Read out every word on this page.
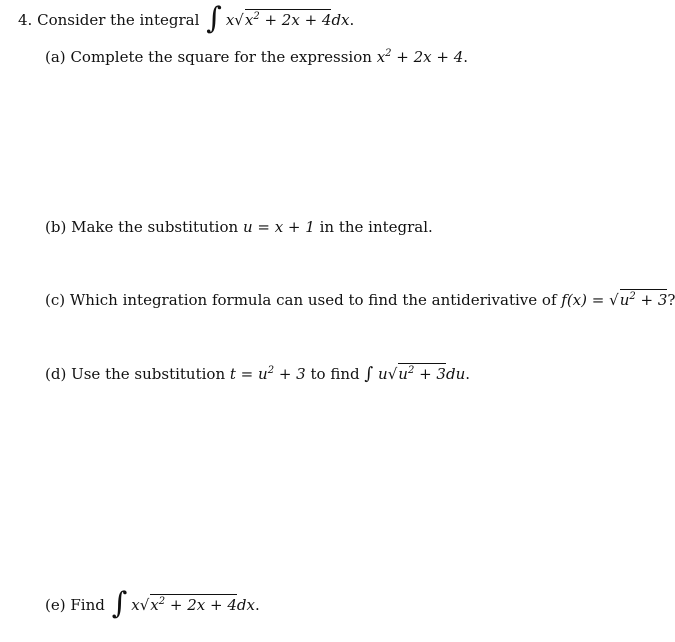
4. Consider the integral ∫ $x√x^2 + 2x + 4dx$.
(a) Complete the square for the expression $x^2 + 2x + 4$.
(b) Make the substitution u = x + 1 in the integral.
(c) Which integration formula can used to find the antiderivative of $f(x) = √u^2 + 3$?
(d) Use the substitution $t = u^2 + 3$ to find ∫ $u√u^2 + 3du$.
(e) Find ∫ $x√x^2 + 2x + 4dx$.
